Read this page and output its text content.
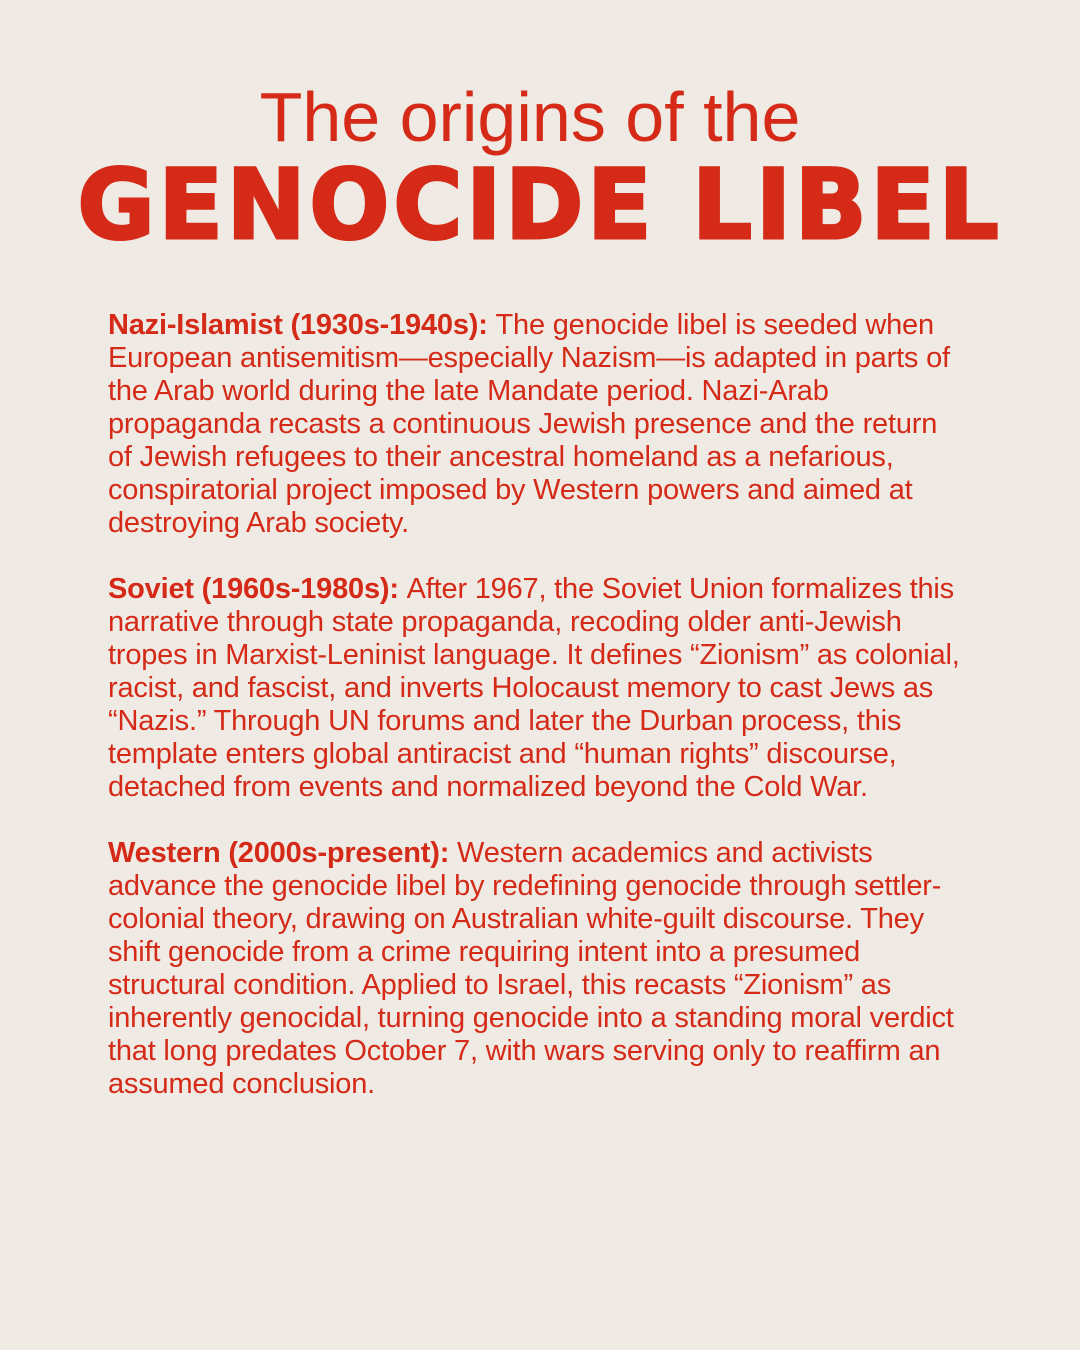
The origins of the
GENOCIDE LIBEL

Nazi-Islamist (1930s-1940s): The genocide libel is seeded when European antisemitism—especially Nazism—is adapted in parts of the Arab world during the late Mandate period. Nazi-Arab propaganda recasts a continuous Jewish presence and the return of Jewish refugees to their ancestral homeland as a nefarious, conspiratorial project imposed by Western powers and aimed at destroying Arab society.

Soviet (1960s-1980s): After 1967, the Soviet Union formalizes this narrative through state propaganda, recoding older anti-Jewish tropes in Marxist-Leninist language. It defines “Zionism” as colonial, racist, and fascist, and inverts Holocaust memory to cast Jews as “Nazis.” Through UN forums and later the Durban process, this template enters global antiracist and “human rights” discourse, detached from events and normalized beyond the Cold War.

Western (2000s-present): Western academics and activists advance the genocide libel by redefining genocide through settler-colonial theory, drawing on Australian white-guilt discourse. They shift genocide from a crime requiring intent into a presumed structural condition. Applied to Israel, this recasts “Zionism” as inherently genocidal, turning genocide into a standing moral verdict that long predates October 7, with wars serving only to reaffirm an assumed conclusion.
